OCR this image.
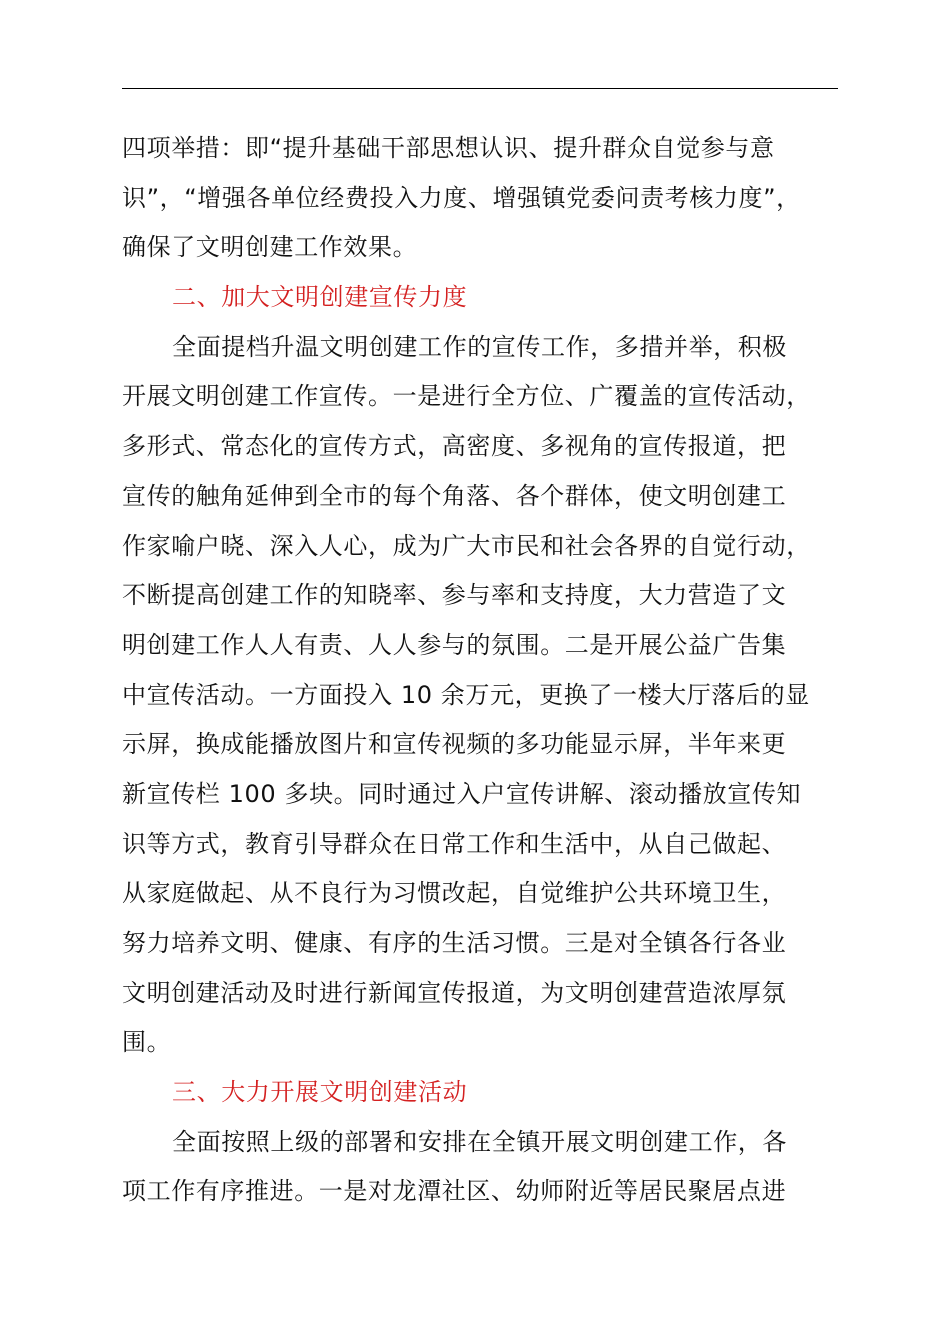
四项举措：即“提升基础干部思想认识、提升群众自觉参与意
识”，“增强各单位经费投入力度、增强镇党委问责考核力度”，
确保了文明创建工作效果。
二、加大文明创建宣传力度
全面提档升温文明创建工作的宣传工作，多措并举，积极
开展文明创建工作宣传。一是进行全方位、广覆盖的宣传活动，
多形式、常态化的宣传方式，高密度、多视角的宣传报道，把
宣传的触角延伸到全市的每个角落、各个群体，使文明创建工
作家喻户晓、深入人心，成为广大市民和社会各界的自觉行动，
不断提高创建工作的知晓率、参与率和支持度，大力营造了文
明创建工作人人有责、人人参与的氛围。二是开展公益广告集
中宣传活动。一方面投入 10 余万元，更换了一楼大厅落后的显
示屏，换成能播放图片和宣传视频的多功能显示屏，半年来更
新宣传栏 100 多块。同时通过入户宣传讲解、滚动播放宣传知
识等方式，教育引导群众在日常工作和生活中，从自己做起、
从家庭做起、从不良行为习惯改起，自觉维护公共环境卫生，
努力培养文明、健康、有序的生活习惯。三是对全镇各行各业
文明创建活动及时进行新闻宣传报道，为文明创建营造浓厚氛
围。
三、大力开展文明创建活动
全面按照上级的部署和安排在全镇开展文明创建工作，各
项工作有序推进。一是对龙潭社区、幼师附近等居民聚居点进
